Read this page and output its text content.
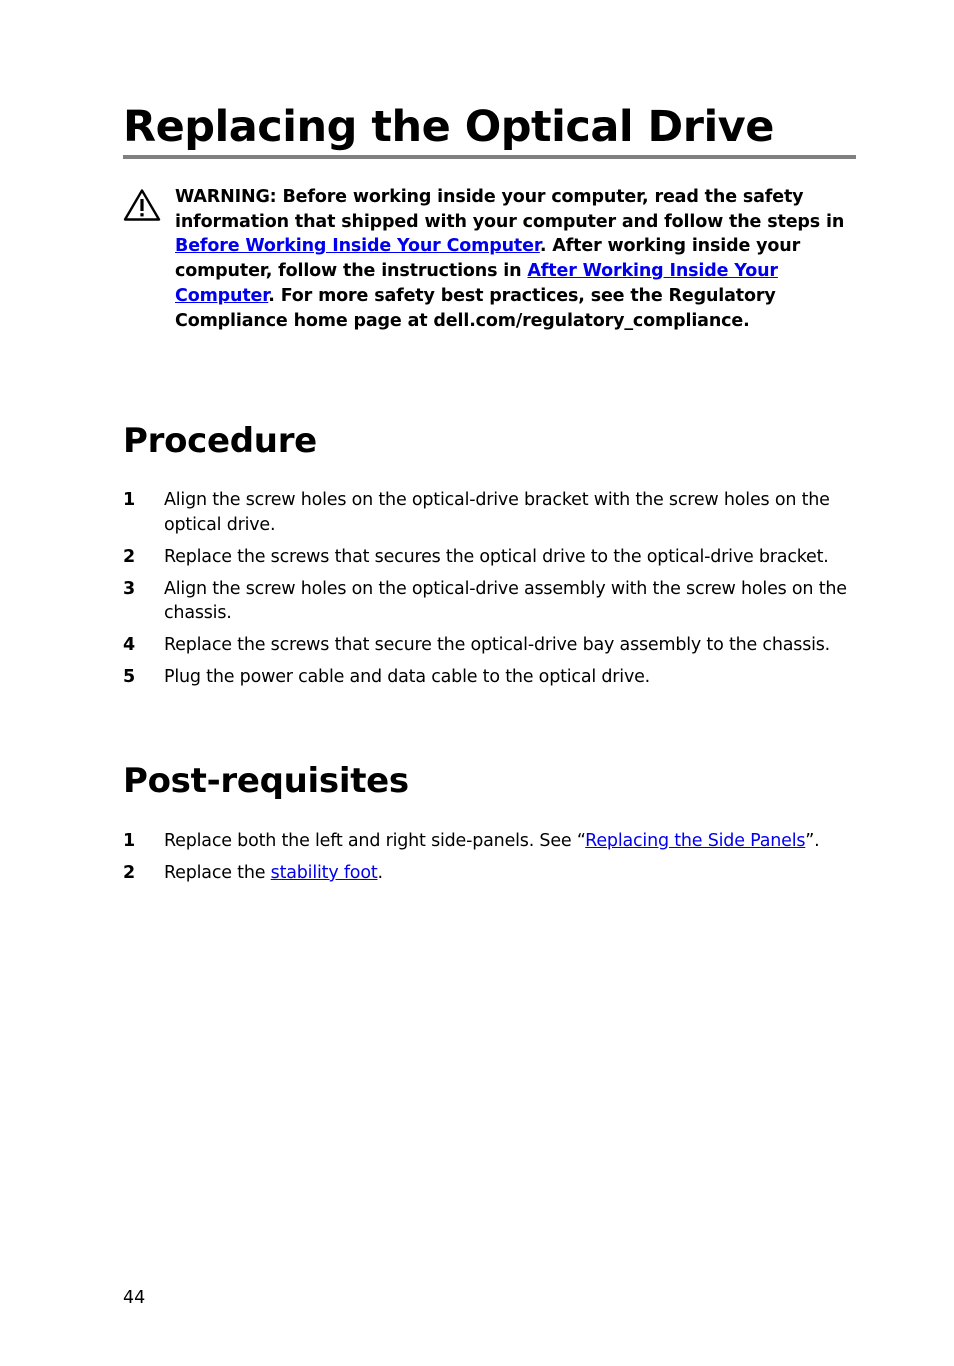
Replacing the Optical Drive
WARNING: Before working inside your computer, read the safety information that shipped with your computer and follow the steps in Before Working Inside Your Computer. After working inside your computer, follow the instructions in After Working Inside Your Computer. For more safety best practices, see the Regulatory Compliance home page at dell.com/regulatory_compliance.
Procedure
1 Align the screw holes on the optical-drive bracket with the screw holes on the optical drive.
2 Replace the screws that secures the optical drive to the optical-drive bracket.
3 Align the screw holes on the optical-drive assembly with the screw holes on the chassis.
4 Replace the screws that secure the optical-drive bay assembly to the chassis.
5 Plug the power cable and data cable to the optical drive.
Post-requisites
1 Replace both the left and right side-panels. See “Replacing the Side Panels”.
2 Replace the stability foot.
44
